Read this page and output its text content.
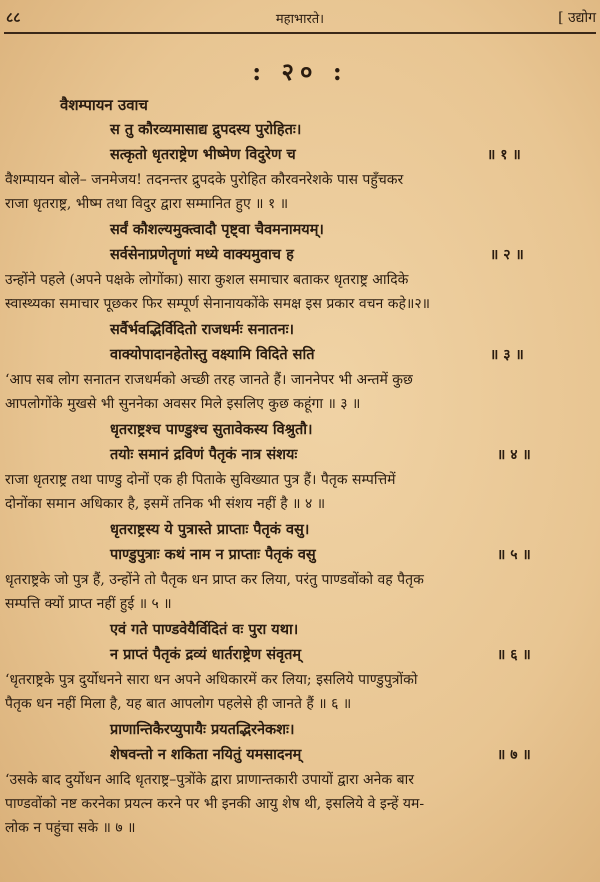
८८	महाभारते।	[ उद्योग
: २० :
वैशम्पायन उवाच
स तु कौरव्यमासाद्य द्रुपदस्य पुरोहितः।
सत्कृतो धृतराष्ट्रेण भीष्मेण विदुरेण च	॥ १ ॥
वैशम्पायन बोले– जनमेजय! तदनन्तर द्रुपदके पुरोहित कौरवनरेशके पास पहुँचकर
राजा धृतराष्ट्र, भीष्म तथा विदुर द्वारा सम्मानित हुए ॥ १ ॥
सर्वं कौशल्यमुक्त्वादौ पृष्ट्वा चैवमनामयम्।
सर्वसेनाप्रणेतॄणां मध्ये वाक्यमुवाच ह	॥ २ ॥
उन्होंने पहले (अपने पक्षके लोगोंका) सारा कुशल समाचार बताकर धृतराष्ट्र आदिके
स्वास्थ्यका समाचार पूछकर फिर सम्पूर्ण सेनानायकोंके समक्ष इस प्रकार वचन कहे॥२॥
सर्वैर्भवद्भिर्विदितो राजधर्मः सनातनः।
वाक्योपादानहेतोस्तु वक्ष्यामि विदिते सति	॥ ३ ॥
‘आप सब लोग सनातन राजधर्मको अच्छी तरह जानते हैं। जाननेपर भी अन्तमें कुछ
आपलोगोंके मुखसे भी सुननेका अवसर मिले इसलिए कुछ कहूंगा ॥ ३ ॥
धृतराष्ट्रश्च पाण्डुश्च सुतावेकस्य विश्रुतौ।
तयोः समानं द्रविणं पैतृकं नात्र संशयः	॥ ४ ॥
राजा धृतराष्ट्र तथा पाण्डु दोनों एक ही पिताके सुविख्यात पुत्र हैं। पैतृक सम्पत्तिमें
दोनोंका समान अधिकार है, इसमें तनिक भी संशय नहीं है ॥ ४ ॥
धृतराष्ट्रस्य ये पुत्रास्ते प्राप्ताः पैतृकं वसु।
पाण्डुपुत्राः कथं नाम न प्राप्ताः पैतृकं वसु	॥ ५ ॥
धृतराष्ट्रके जो पुत्र हैं, उन्होंने तो पैतृक धन प्राप्त कर लिया, परंतु पाण्डवोंको वह पैतृक
सम्पत्ति क्यों प्राप्त नहीं हुई ॥ ५ ॥
एवं गते पाण्डवेयैर्विदितं वः पुरा यथा।
न प्राप्तं पैतृकं द्रव्यं धार्तराष्ट्रेण संवृतम्	॥ ६ ॥
‘धृतराष्ट्रके पुत्र दुर्योधनने सारा धन अपने अधिकारमें कर लिया; इसलिये पाण्डुपुत्रोंको
पैतृक धन नहीं मिला है, यह बात आपलोग पहलेसे ही जानते हैं ॥ ६ ॥
प्राणान्तिकैरप्युपायैः प्रयतद्भिरनेकशः।
शेषवन्तो न शकिता नयितुं यमसादनम्	॥ ७ ॥
‘उसके बाद दुर्योधन आदि धृतराष्ट्र–पुत्रोंके द्वारा प्राणान्तकारी उपायों द्वारा अनेक बार
पाण्डवोंको नष्ट करनेका प्रयत्न करने पर भी इनकी आयु शेष थी, इसलिये वे इन्हें यम-
लोक न पहुंचा सके ॥ ७ ॥
